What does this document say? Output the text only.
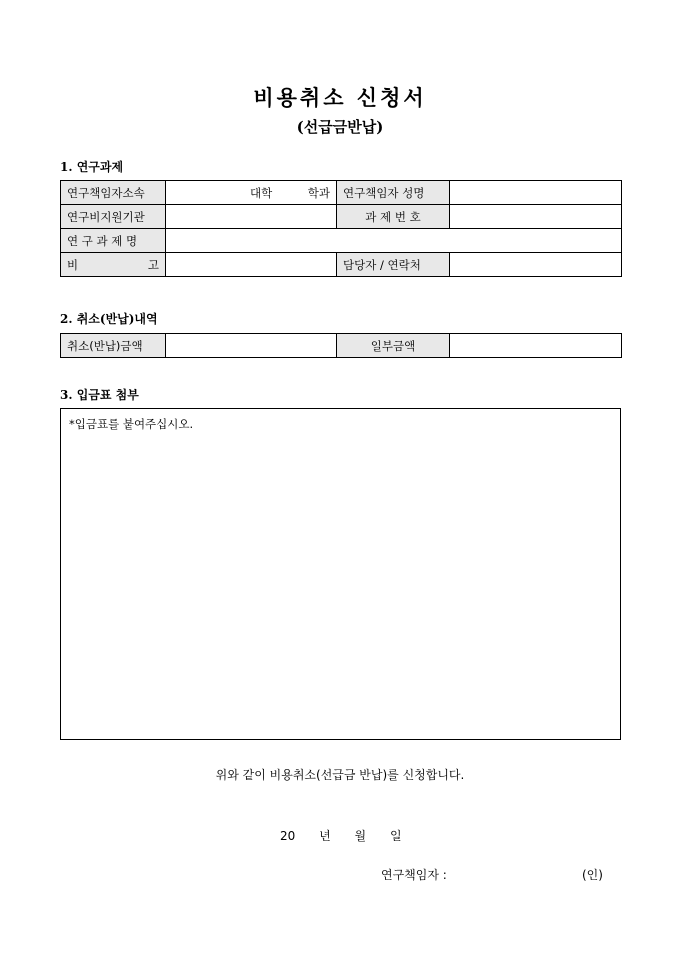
비용취소 신청서
(선급금반납)
1. 연구과제
연구책임자소속	대학 학과	연구책임자 성명	
연구비지원기관		과 제 번 호	
연 구 과 제 명			

비 고		담당자 / 연락처	
2. 취소(반납)내역
취소(반납)금액		일부금액	
3. 입금표 첨부
*입금표를 붙여주십시오.
위와 같이 비용취소(선급금 반납)를 신청합니다.
20 년 월 일
연구책임자 :	(인)
